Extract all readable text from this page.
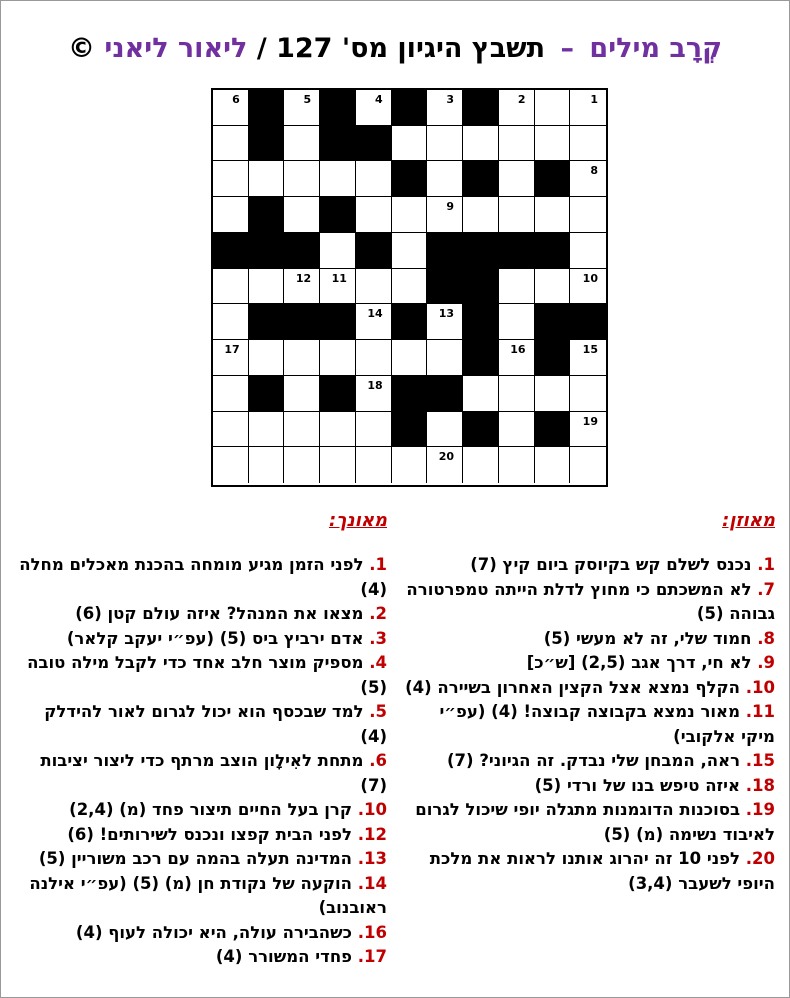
קְרָב מילים – תשבץ היגיון מס' 127 / ליאור ליאני ©
1
2
3
4
5
6
7
8
9
10
11
12
13
14
15
16
17
18
19
20
מאוזן:
1. נכנס לשלם קש בקיוסק ביום קיץ (7)
7. לא המשכתם כי מחוץ לדלת הייתה טמפרטורה גבוהה (5)
8. חמוד שלי, זה לא מעשי (5)
9. לא חי, דרך אגב (2,5) [ש״כ]
10. הקלף נמצא אצל הקצין האחרון בשיירה (4)
11. מאור נמצא בקבוצה קבוצה! (4) (עפ״י מיקי אלקובי)
15. ראה, המבחן שלי נבדק. זה הגיוני? (7)
18. איזה טיפש בנו של ורדי (5)
19. בסוכנות הדוגמנות מתגלה יופי שיכול לגרום לאיבוד נשימה (מ) (5)
20. לפני 10 זה יהרוג אותנו לראות את מלכת היופי לשעבר (3,4)
מאונך:
1. לפני הזמן מגיע מומחה בהכנת מאכלים מחלה (4)
2. מצאו את המנהל? איזה עולם קטן (6)
3. אדם ירביץ ביס (5) (עפ״י יעקב קלאר)
4. מספיק מוצר חלב אחד כדי לקבל מילה טובה (5)
5. למד שבכסף הוא יכול לגרום לאור להידלק (4)
6. מתחת לאִילָון הוצב מרתף כדי ליצור יציבות (7)
10. קרן בעל החיים תיצור פחד (מ) (2,4)
12. לפני הבית קפצו ונכנס לשירותים! (6)
13. המדינה תעלה בהמה עם רכב משוריין (5)
14. הוקעה של נקודת חן (מ) (5) (עפ״י אילנה ראובנוב)
16. כשהבירה עולה, היא יכולה לעוף (4)
17. פחדי המשורר (4)
